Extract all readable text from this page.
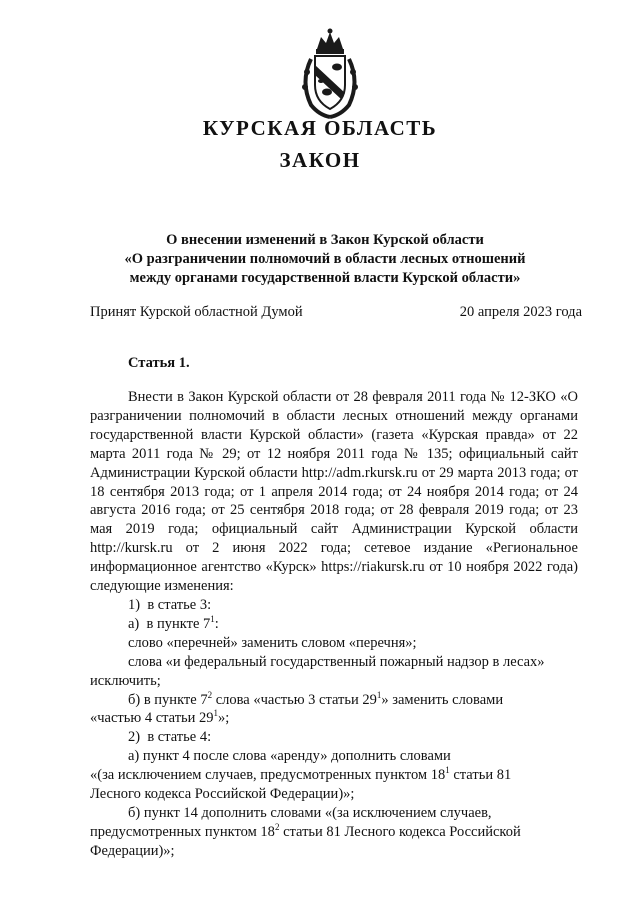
КУРСКАЯ ОБЛАСТЬ
ЗАКОН
О внесении изменений в Закон Курской области
«О разграничении полномочий в области лесных отношений
между органами государственной власти Курской области»
Принят Курской областной Думой	20 апреля 2023 года
Статья 1.

Внести в Закон Курской области от 28 февраля 2011 года № 12-ЗКО «О разграничении полномочий в области лесных отношений между органами государственной власти Курской области» (газета «Курская правда» от 22 марта 2011 года № 29; от 12 ноября 2011 года № 135; официальный сайт Администрации Курской области http://adm.rkursk.ru от 29 марта 2013 года; от 18 сентября 2013 года; от 1 апреля 2014 года; от 24 ноября 2014 года; от 24 августа 2016 года; от 25 сентября 2018 года; от 28 февраля 2019 года; от 23 мая 2019 года; официальный сайт Администрации Курской области http://kursk.ru от 2 июня 2022 года; сетевое издание «Региональное информационное агентство «Курск» https://riakursk.ru от 10 ноября 2022 года) следующие изменения:

1)  в статье 3:

а)  в пункте $7^1$:

слово «перечней» заменить словом «перечня»;

слова «и федеральный государственный пожарный надзор в лесах»
исключить;

б) в пункте $7^2$ слова «частью 3 статьи $29^1$» заменить словами
«частью 4 статьи $29^1$»;

2)  в статье 4:

а) пункт 4 после слова «аренду» дополнить словами
«(за исключением случаев, предусмотренных пунктом $18^1$ статьи 81
Лесного кодекса Российской Федерации)»;

б) пункт 14 дополнить словами «(за исключением случаев,
предусмотренных пунктом $18^2$ статьи 81 Лесного кодекса Российской
Федерации)»;
